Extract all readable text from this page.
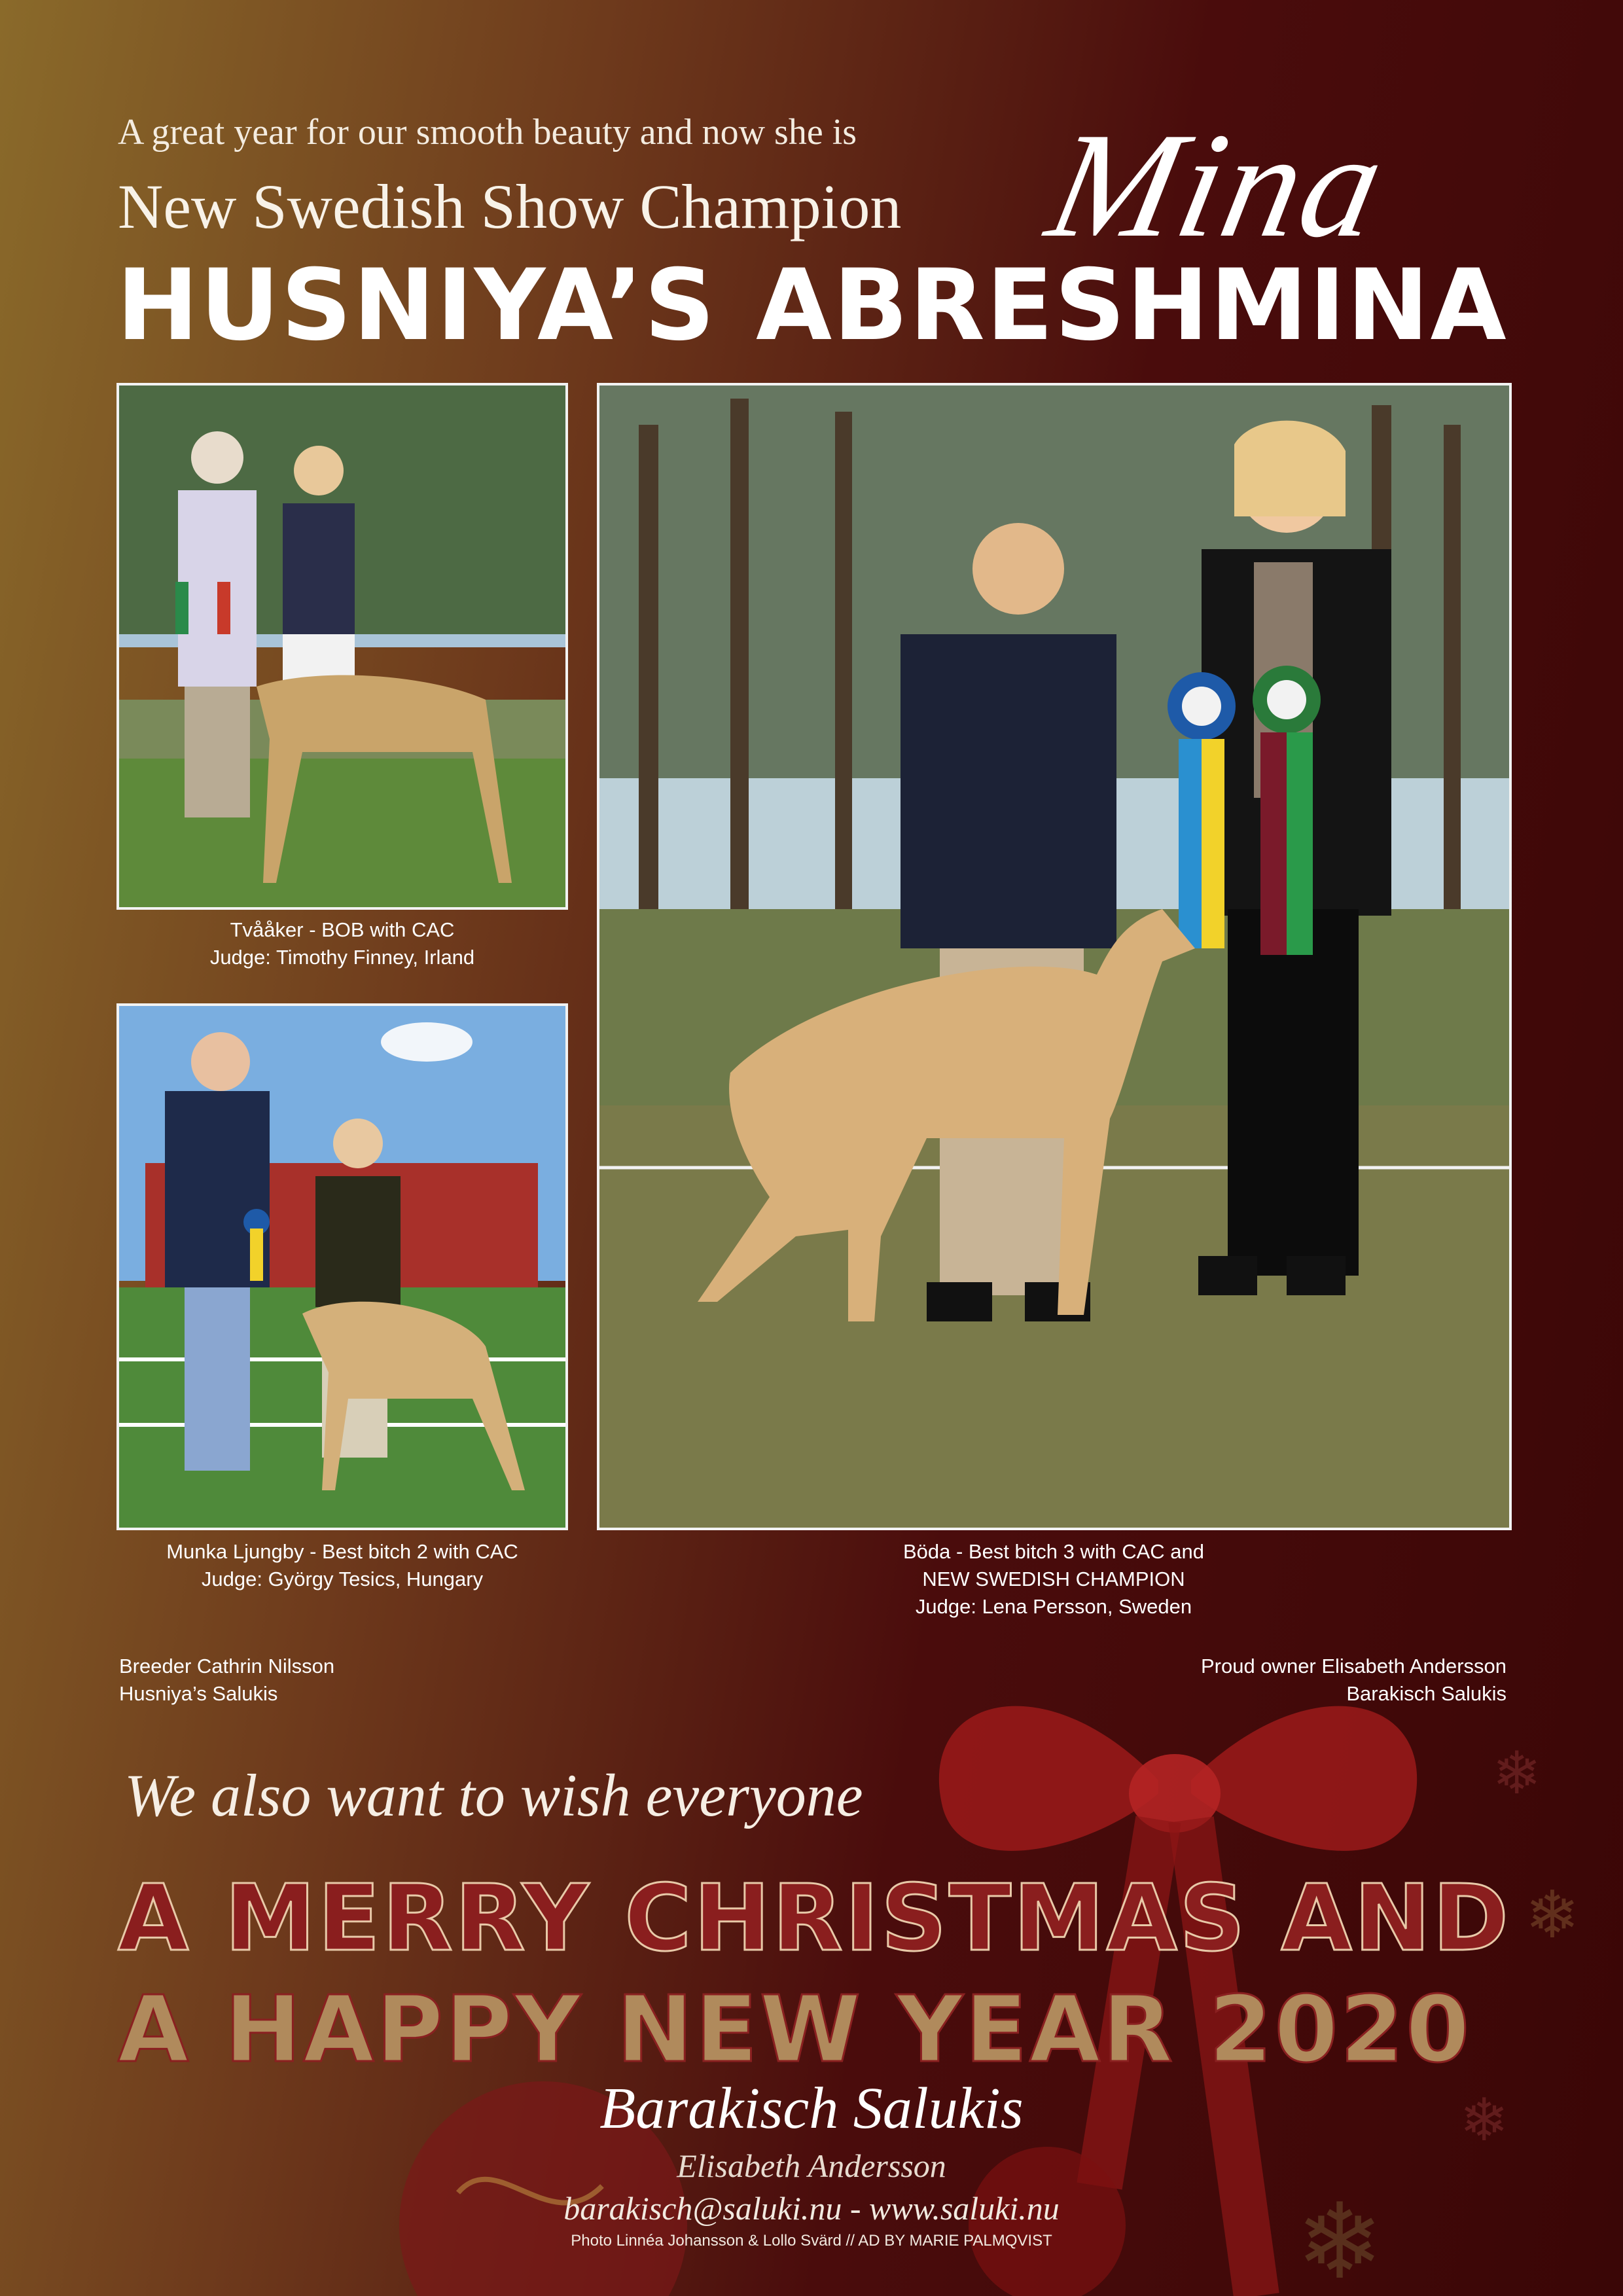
❄
❄
❄
❄
A great year for our smooth beauty and now she is
New Swedish Show Champion Mina
HUSNIYA’S ABRESHMINA
Tvååker - BOB with CAC
Judge: Timothy Finney, Irland
Munka Ljungby - Best bitch 2 with CAC
Judge: György Tesics, Hungary
Böda - Best bitch 3 with CAC and
NEW SWEDISH CHAMPION
Judge: Lena Persson, Sweden
Breeder Cathrin Nilsson
Husniya’s Salukis
Proud owner Elisabeth Andersson
Barakisch Salukis
We also want to wish everyone
A MERRY CHRISTMAS AND
A HAPPY NEW YEAR 2020
Barakisch Salukis
Elisabeth Andersson
barakisch@saluki.nu - www.saluki.nu
Photo Linnéa Johansson & Lollo Svärd // AD BY MARIE PALMQVIST
